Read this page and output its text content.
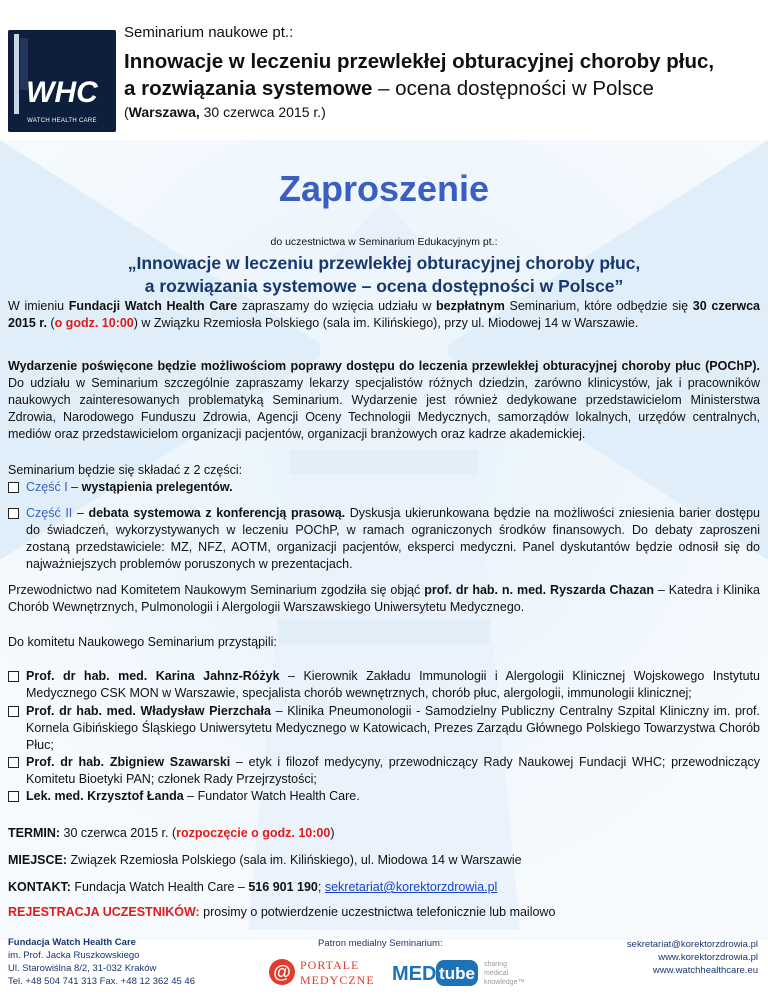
WHC
WATCH HEALTH CARE
Seminarium naukowe pt.:
Innowacje w leczeniu przewlekłej obturacyjnej choroby płuc,
a rozwiązania systemowe – ocena dostępności w Polsce
(Warszawa, 30 czerwca 2015 r.)
Zaproszenie
do uczestnictwa w Seminarium Edukacyjnym pt.:
„Innowacje w leczeniu przewlekłej obturacyjnej choroby płuc,
a rozwiązania systemowe – ocena dostępności w Polsce”
W imieniu Fundacji Watch Health Care zapraszamy do wzięcia udziału w bezpłatnym Seminarium, które odbędzie się 30 czerwca 2015 r. (o godz. 10:00) w Związku Rzemiosła Polskiego (sala im. Kilińskiego), przy ul. Miodowej 14 w Warszawie.
Wydarzenie poświęcone będzie możliwościom poprawy dostępu do leczenia przewlekłej obturacyjnej choroby płuc (POChP). Do udziału w Seminarium szczególnie zapraszamy lekarzy specjalistów różnych dziedzin, zarówno klinicystów, jak i pracowników naukowych zainteresowanych problematyką Seminarium. Wydarzenie jest również dedykowane przedstawicielom Ministerstwa Zdrowia, Narodowego Funduszu Zdrowia, Agencji Oceny Technologii Medycznych, samorządów lokalnych, urzędów centralnych, mediów oraz przedstawicielom organizacji pacjentów, organizacji branżowych oraz kadrze akademickiej.
Seminarium będzie się składać z 2 części:
Część I – wystąpienia prelegentów.
Część II – debata systemowa z konferencją prasową. Dyskusja ukierunkowana będzie na możliwości zniesienia barier dostępu do świadczeń, wykorzystywanych w leczeniu POChP, w ramach ograniczonych środków finansowych. Do debaty zaproszeni zostaną przedstawiciele: MZ, NFZ, AOTM, organizacji pacjentów, eksperci medyczni. Panel dyskutantów będzie odnosił się do najważniejszych problemów poruszonych w prezentacjach.
Przewodnictwo nad Komitetem Naukowym Seminarium zgodziła się objąć prof. dr hab. n. med. Ryszarda Chazan – Katedra i Klinika Chorób Wewnętrznych, Pulmonologii i Alergologii Warszawskiego Uniwersytetu Medycznego.
Do komitetu Naukowego Seminarium przystąpili:
Prof. dr hab. med. Karina Jahnz-Różyk – Kierownik Zakładu Immunologii i Alergologii Klinicznej Wojskowego Instytutu Medycznego CSK MON w Warszawie, specjalista chorób wewnętrznych, chorób płuc, alergologii, immunologii klinicznej;
Prof. dr hab. med. Władysław Pierzchała – Klinika Pneumonologii - Samodzielny Publiczny Centralny Szpital Kliniczny im. prof. Kornela Gibińskiego Śląskiego Uniwersytetu Medycznego w Katowicach, Prezes Zarządu Głównego Polskiego Towarzystwa Chorób Płuc;
Prof. dr hab. Zbigniew Szawarski – etyk i filozof medycyny, przewodniczący Rady Naukowej Fundacji WHC; przewodniczący Komitetu Bioetyki PAN; członek Rady Przejrzystości;
Lek. med. Krzysztof Łanda – Fundator Watch Health Care.
TERMIN: 30 czerwca 2015 r. (rozpoczęcie o godz. 10:00)
MIEJSCE: Związek Rzemiosła Polskiego (sala im. Kilińskiego), ul. Miodowa 14 w Warszawie
KONTAKT: Fundacja Watch Health Care – 516 901 190; sekretariat@korektorzdrowia.pl
REJESTRACJA UCZESTNIKÓW: prosimy o potwierdzenie uczestnictwa telefonicznie lub mailowo
Fundacja Watch Health Care
im. Prof. Jacka Ruszkowskiego
Ul. Starowiślna 8/2, 31-032 Kraków
Tel. +48 504 741 313 Fax. +48 12 362 45 46
Patron medialny Seminarium:
@ PORTALE
MEDYCZNE MED tube sharing
medical
knowledge™
sekretariat@korektorzdrowia.pl
www.korektorzdrowia.pl
www.watchhealthcare.eu
